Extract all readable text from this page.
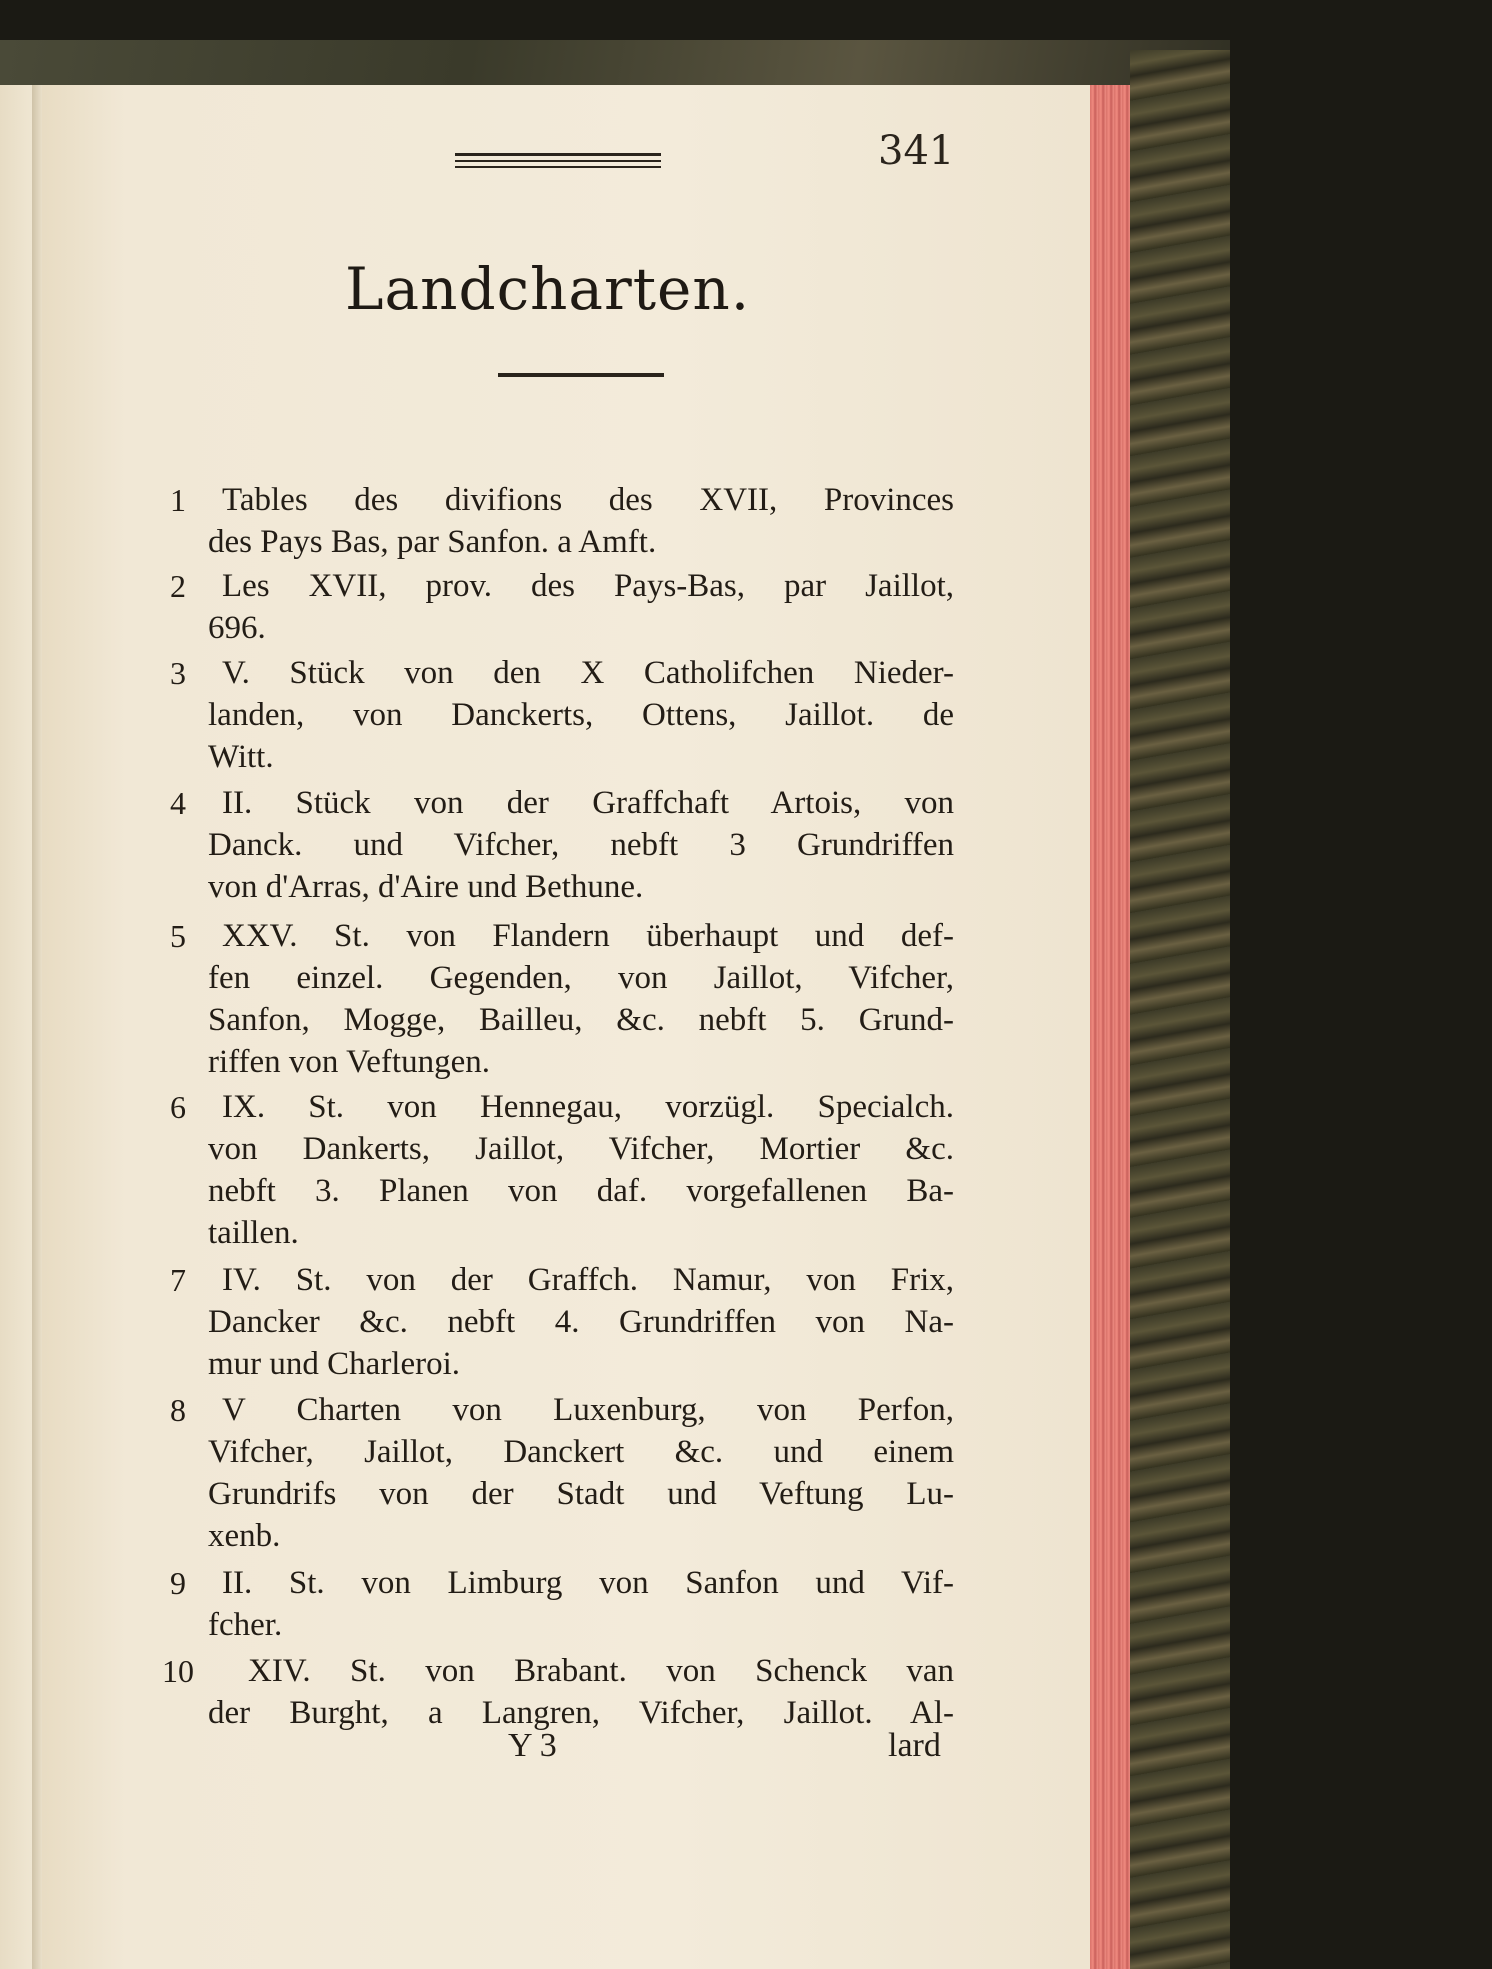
341
Landcharten.
1	Tables des divifions des XVII, Provinces
des Pays Bas, par Sanfon. a Amft.
2	Les XVII, prov. des Pays-Bas, par Jaillot,
696.
3	V. Stück von den X Catholifchen Nieder-
landen, von Danckerts, Ottens, Jaillot. de
Witt.
4	II. Stück von der Graffchaft Artois, von
Danck. und Vifcher, nebft 3 Grundriffen
von d'Arras, d'Aire und Bethune.
5	XXV. St. von Flandern überhaupt und def-
fen einzel. Gegenden, von Jaillot, Vifcher,
Sanfon, Mogge, Bailleu, &c. nebft 5. Grund-
riffen von Veftungen.
6	IX. St. von Hennegau, vorzügl. Specialch.
von Dankerts, Jaillot, Vifcher, Mortier &c.
nebft 3. Planen von daf. vorgefallenen Ba-
taillen.
7	IV. St. von der Graffch. Namur, von Frix,
Dancker &c. nebft 4. Grundriffen von Na-
mur und Charleroi.
8	V Charten von Luxenburg, von Perfon,
Vifcher, Jaillot, Danckert &c. und einem
Grundrifs von der Stadt und Veftung Lu-
xenb.
9	II. St. von Limburg von Sanfon und Vif-
fcher.
10 XIV. St. von Brabant. von Schenck van
der Burght, a Langren, Vifcher, Jaillot. Al-
Y 3	lard
